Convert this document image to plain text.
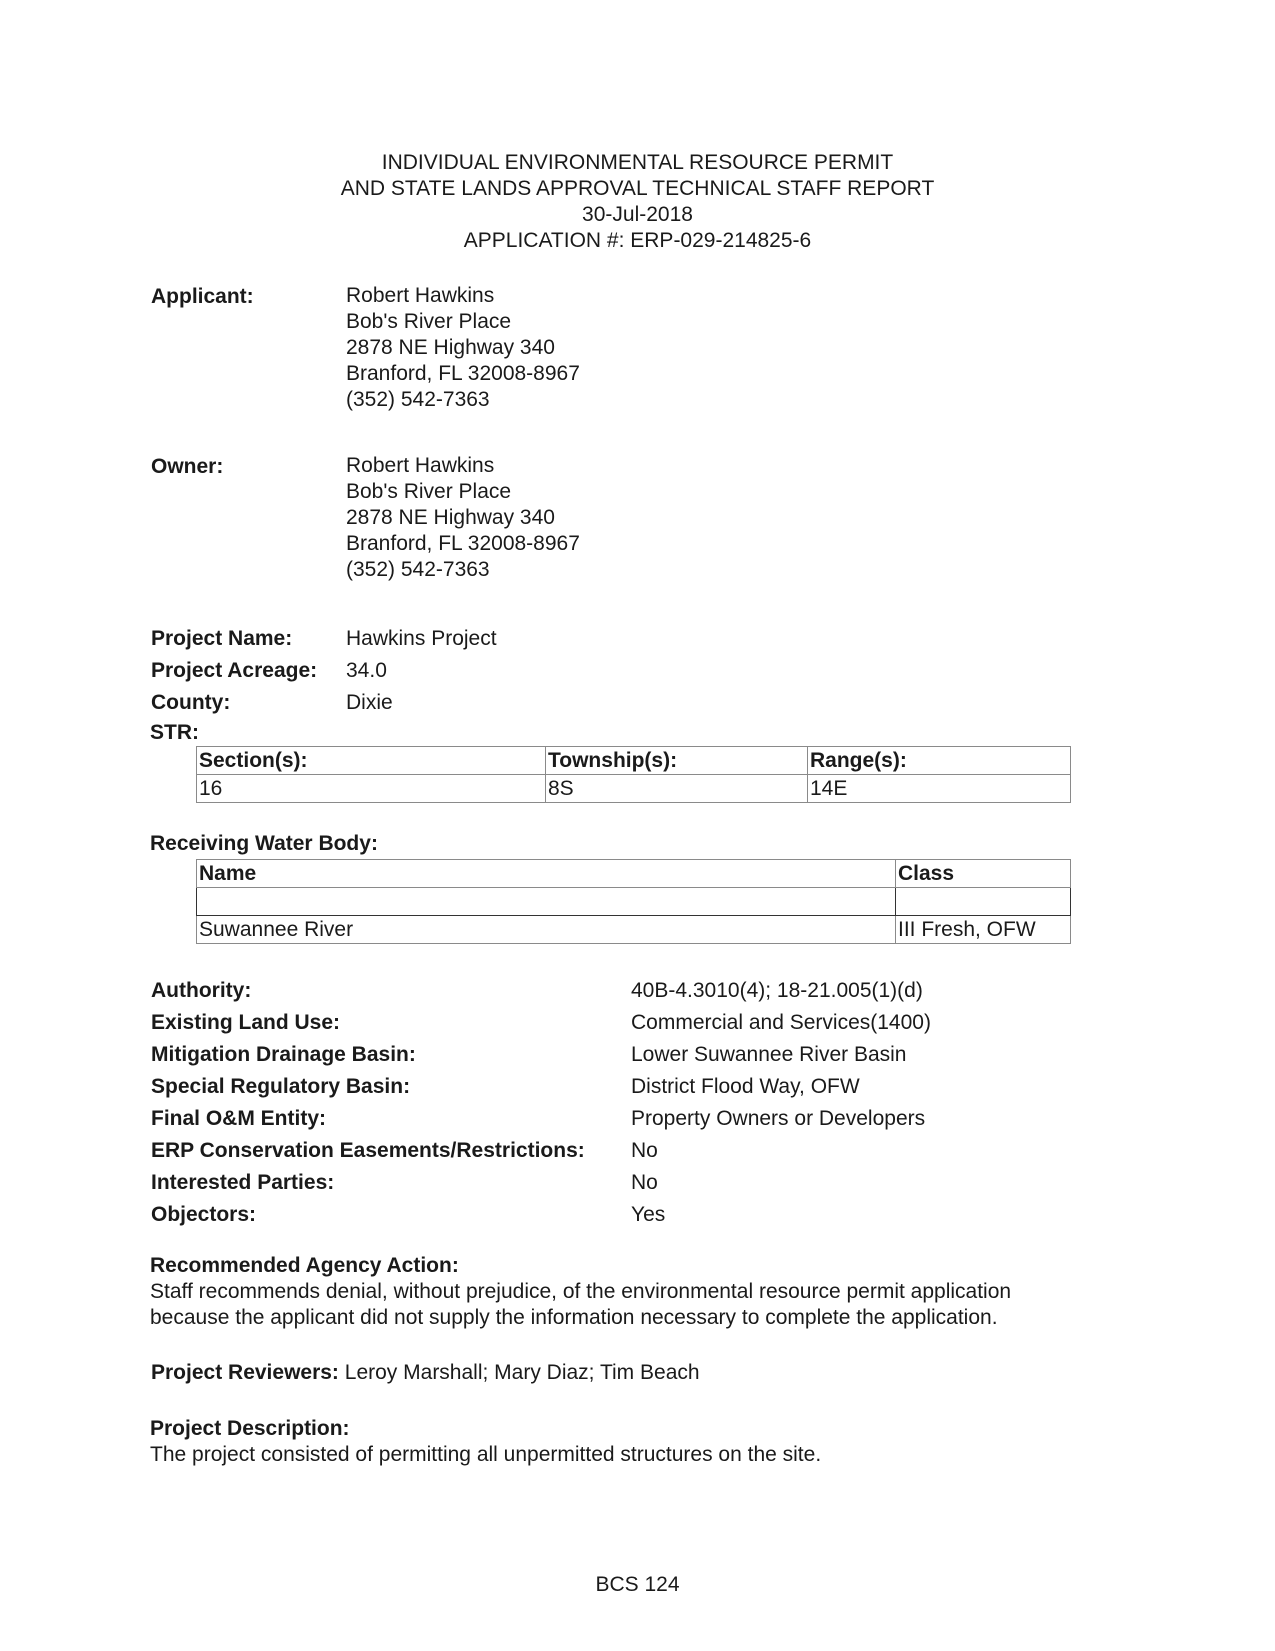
INDIVIDUAL ENVIRONMENTAL RESOURCE PERMIT
AND STATE LANDS APPROVAL TECHNICAL STAFF REPORT
30-Jul-2018
APPLICATION #: ERP-029-214825-6
Applicant:	Robert Hawkins
Bob's River Place
2878 NE Highway 340
Branford, FL 32008-8967
(352) 542-7363
Owner:	Robert Hawkins
Bob's River Place
2878 NE Highway 340
Branford, FL 32008-8967
(352) 542-7363
Project Name:	Hawkins Project
Project Acreage: 34.0
County:	Dixie
STR:
Section(s):	Township(s):	Range(s):
16	8S	14E
Receiving Water Body:
Name	Class

Suwannee River	III Fresh, OFW
Authority:	40B-4.3010(4); 18-21.005(1)(d)
Existing Land Use:	Commercial and Services(1400)
Mitigation Drainage Basin:	Lower Suwannee River Basin
Special Regulatory Basin:	District Flood Way, OFW
Final O&M Entity:	Property Owners or Developers
ERP Conservation Easements/Restrictions: No
Interested Parties:	No
Objectors:	Yes
Recommended Agency Action:
Staff recommends denial, without prejudice, of the environmental resource permit application
because the applicant did not supply the information necessary to complete the application.
Project Reviewers: Leroy Marshall; Mary Diaz; Tim Beach
Project Description:
The project consisted of permitting all unpermitted structures on the site.
BCS 124
